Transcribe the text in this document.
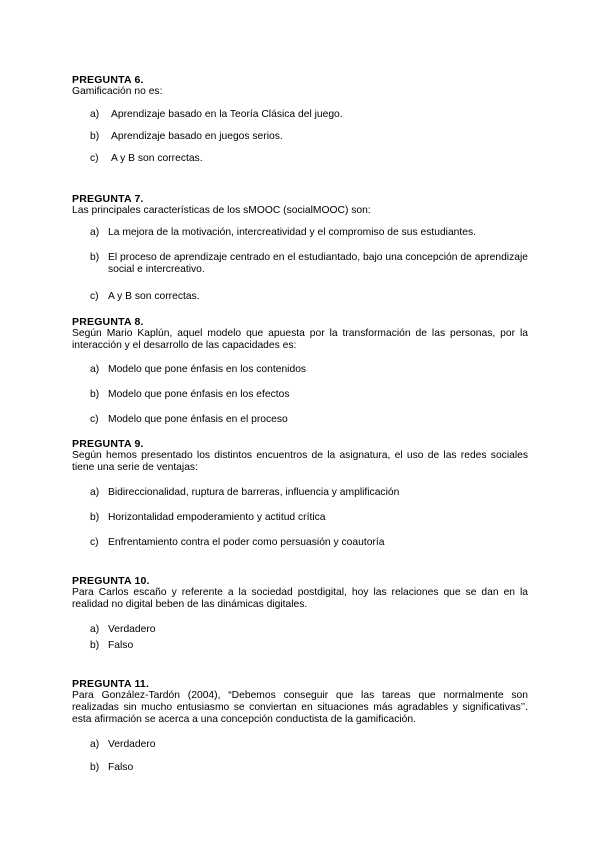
PREGUNTA 6.
Gamificación no es:
a)	Aprendizaje basado en la Teoría Clásica del juego.
b)	Aprendizaje basado en juegos serios.
c)	A y B son correctas.
PREGUNTA 7.
Las principales características de los sMOOC (socialMOOC) son:
a) La mejora de la motivación, intercreatividad y el compromiso de sus estudiantes.
b) El proceso de aprendizaje centrado en el estudiantado, bajo una concepción de aprendizaje social e intercreativo.
c) A y B son correctas.
PREGUNTA 8.
Según Mario Kaplún, aquel modelo que apuesta por la transformación de las personas, por la interacción y el desarrollo de las capacidades es:
a) Modelo que pone énfasis en los contenidos
b) Modelo que pone énfasis en los efectos
c) Modelo que pone énfasis en el proceso
PREGUNTA 9.
Según hemos presentado los distintos encuentros de la asignatura, el uso de las redes sociales tiene una serie de ventajas:
a) Bidireccionalidad, ruptura de barreras, influencia y amplificación
b) Horizontalidad empoderamiento y actitud crítica
c) Enfrentamiento contra el poder como persuasión y coautoría
PREGUNTA 10.
Para Carlos escaño y referente a la sociedad postdigital, hoy las relaciones que se dan en la realidad no digital beben de las dinámicas digitales.
a) Verdadero
b) Falso
PREGUNTA 11.
Para González-Tardón (2004), “Debemos conseguir que las tareas que normalmente son realizadas sin mucho entusiasmo se conviertan en situaciones más agradables y significativas’’. esta afirmación se acerca a una concepción conductista de la gamificación.
a) Verdadero
b) Falso
